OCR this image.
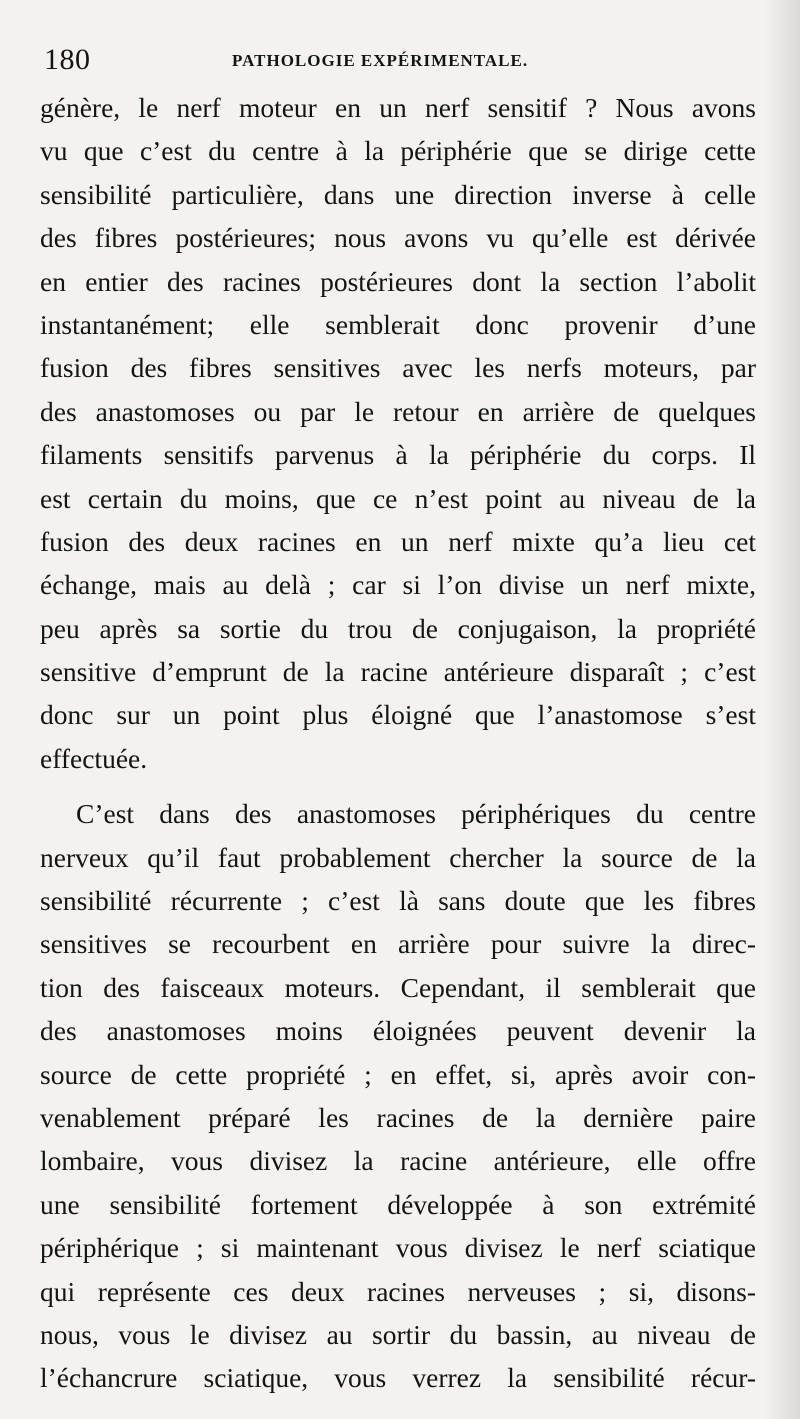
180	PATHOLOGIE EXPÉRIMENTALE.
génère, le nerf moteur en un nerf sensitif ? Nous avons
vu que c’est du centre à la périphérie que se dirige cette
sensibilité particulière, dans une direction inverse à celle
des fibres postérieures; nous avons vu qu’elle est dérivée
en entier des racines postérieures dont la section l’abolit
instantanément; elle semblerait donc provenir d’une
fusion des fibres sensitives avec les nerfs moteurs, par
des anastomoses ou par le retour en arrière de quelques
filaments sensitifs parvenus à la périphérie du corps. Il
est certain du moins, que ce n’est point au niveau de la
fusion des deux racines en un nerf mixte qu’a lieu cet
échange, mais au delà ; car si l’on divise un nerf mixte,
peu après sa sortie du trou de conjugaison, la propriété
sensitive d’emprunt de la racine antérieure disparaît ; c’est
donc sur un point plus éloigné que l’anastomose s’est
effectuée.
C’est dans des anastomoses périphériques du centre
nerveux qu’il faut probablement chercher la source de la
sensibilité récurrente ; c’est là sans doute que les fibres
sensitives se recourbent en arrière pour suivre la direc-
tion des faisceaux moteurs. Cependant, il semblerait que
des anastomoses moins éloignées peuvent devenir la
source de cette propriété ; en effet, si, après avoir con-
venablement préparé les racines de la dernière paire
lombaire, vous divisez la racine antérieure, elle offre
une sensibilité fortement développée à son extrémité
périphérique ; si maintenant vous divisez le nerf sciatique
qui représente ces deux racines nerveuses ; si, disons-
nous, vous le divisez au sortir du bassin, au niveau de
l’échancrure sciatique, vous verrez la sensibilité récur-
